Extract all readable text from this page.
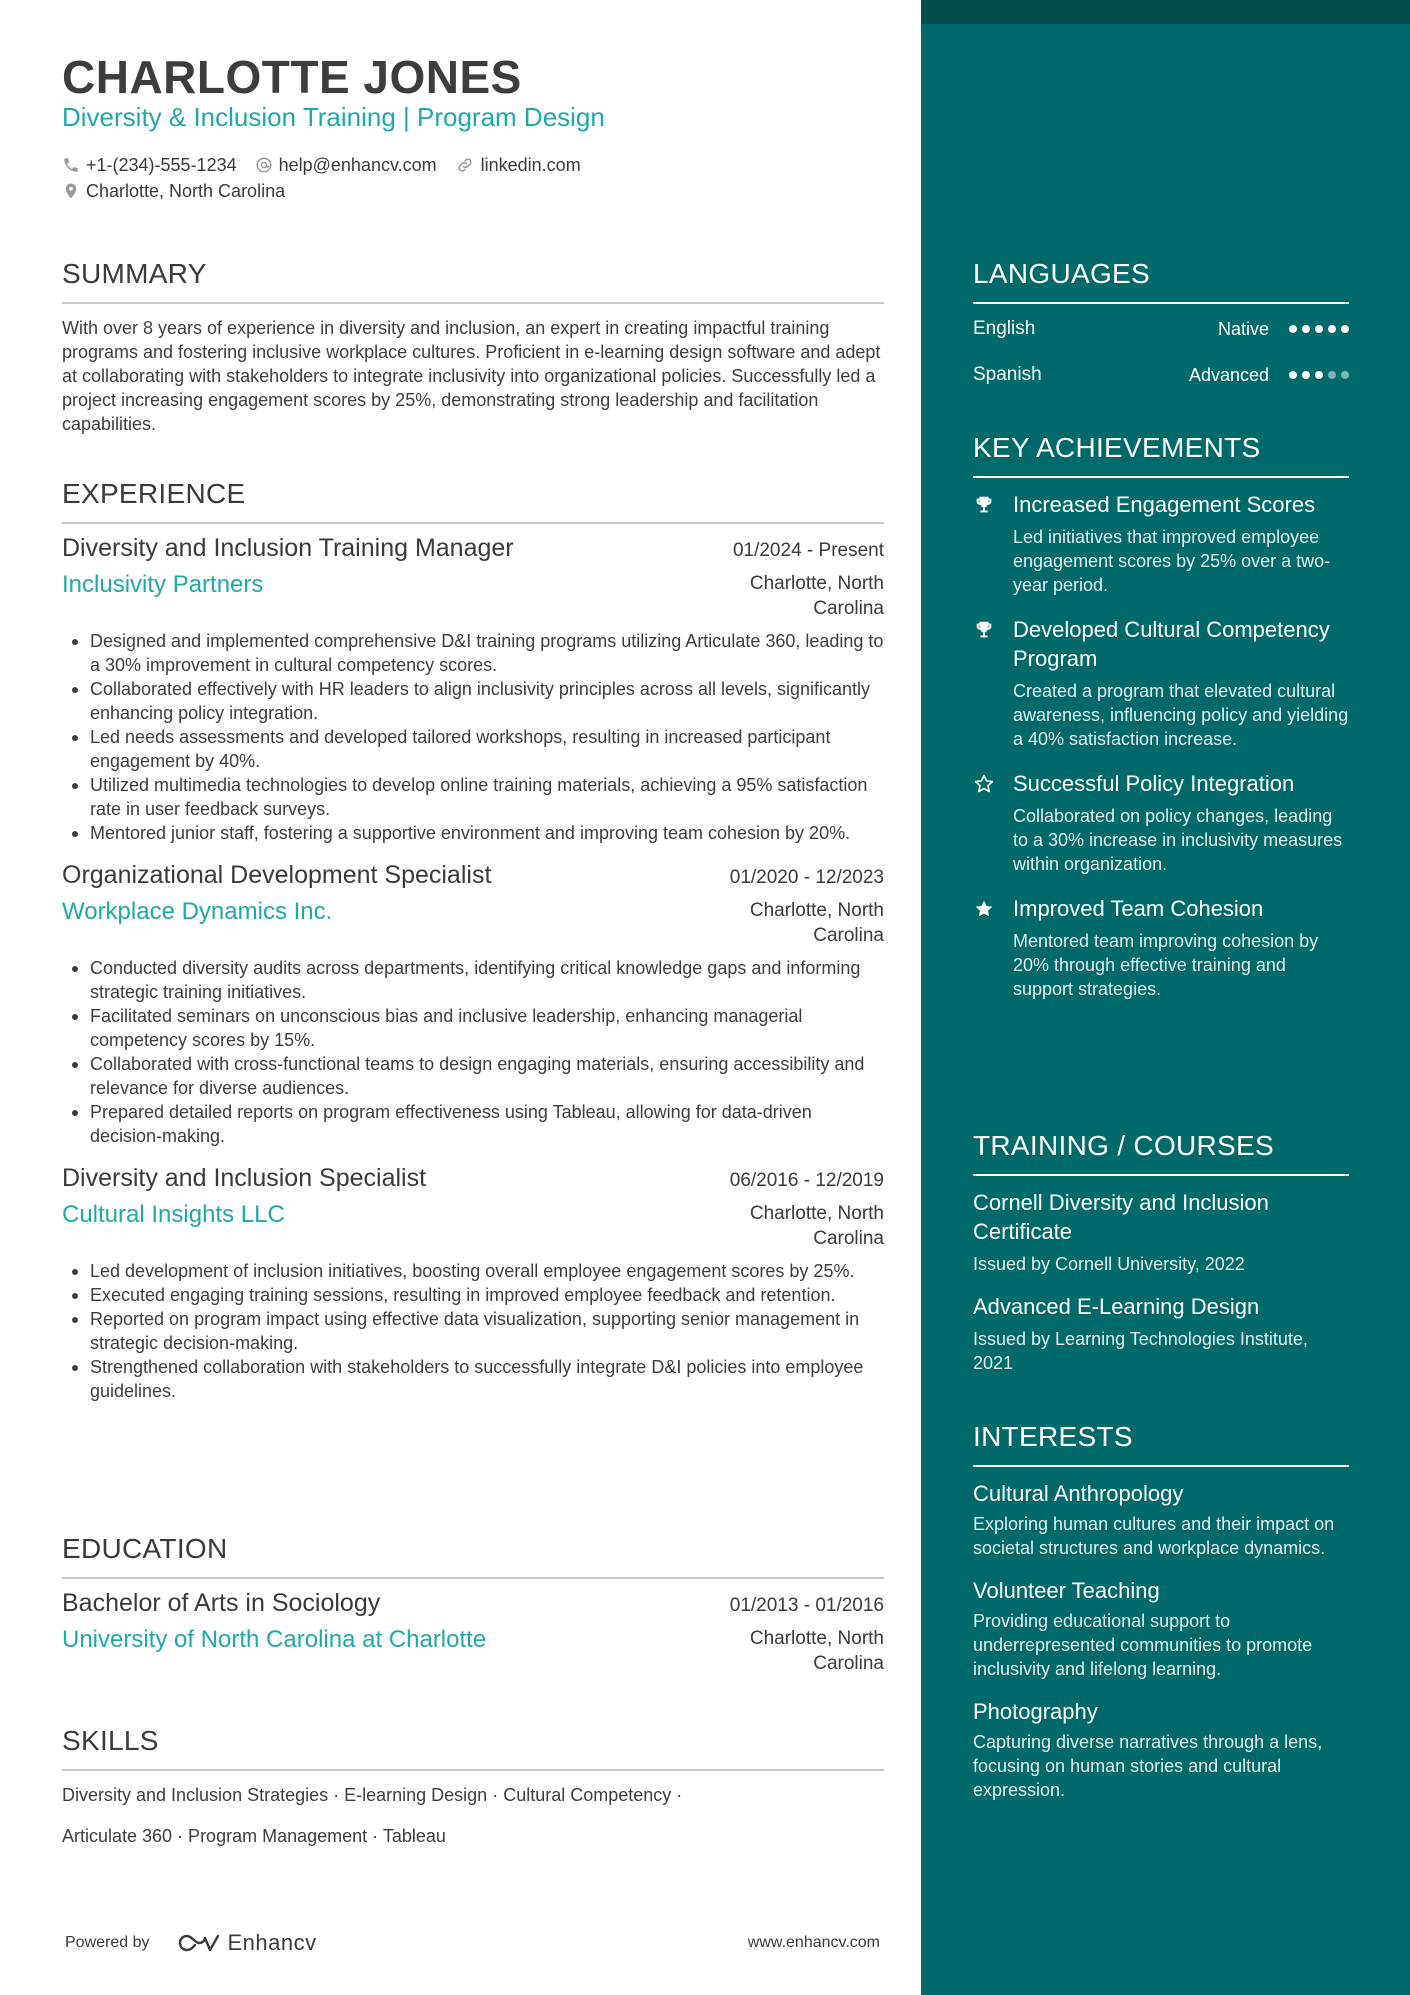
CHARLOTTE JONES
Diversity & Inclusion Training | Program Design
+1-(234)-555-1234 help@enhancv.com linkedin.com
Charlotte, North Carolina
SUMMARY

With over 8 years of experience in diversity and inclusion, an expert in creating impactful training programs and fostering inclusive workplace cultures. Proficient in e-learning design software and adept at collaborating with stakeholders to integrate inclusivity into organizational policies. Successfully led a project increasing engagement scores by 25%, demonstrating strong leadership and facilitation capabilities.

EXPERIENCE
Diversity and Inclusion Training Manager	01/2024 - Present
Inclusivity Partners	Charlotte, North Carolina
Designed and implemented comprehensive D&I training programs utilizing Articulate 360, leading to a 30% improvement in cultural competency scores.
Collaborated effectively with HR leaders to align inclusivity principles across all levels, significantly enhancing policy integration.
Led needs assessments and developed tailored workshops, resulting in increased participant engagement by 40%.
Utilized multimedia technologies to develop online training materials, achieving a 95% satisfaction rate in user feedback surveys.
Mentored junior staff, fostering a supportive environment and improving team cohesion by 20%.
Organizational Development Specialist	01/2020 - 12/2023
Workplace Dynamics Inc.	Charlotte, North Carolina
Conducted diversity audits across departments, identifying critical knowledge gaps and informing strategic training initiatives.
Facilitated seminars on unconscious bias and inclusive leadership, enhancing managerial competency scores by 15%.
Collaborated with cross-functional teams to design engaging materials, ensuring accessibility and relevance for diverse audiences.
Prepared detailed reports on program effectiveness using Tableau, allowing for data-driven decision-making.
Diversity and Inclusion Specialist	06/2016 - 12/2019
Cultural Insights LLC	Charlotte, North Carolina
Led development of inclusion initiatives, boosting overall employee engagement scores by 25%.
Executed engaging training sessions, resulting in improved employee feedback and retention.
Reported on program impact using effective data visualization, supporting senior management in strategic decision-making.
Strengthened collaboration with stakeholders to successfully integrate D&I policies into employee guidelines.
EDUCATION
Bachelor of Arts in Sociology	01/2013 - 01/2016
University of North Carolina at Charlotte	Charlotte, North Carolina
SKILLS
Diversity and Inclusion Strategies · E-learning Design · Cultural Competency ·
Articulate 360 · Program Management · Tableau
Powered by	Enhancv	www.enhancv.com
LANGUAGES
English	Native
Spanish	Advanced
KEY ACHIEVEMENTS
Increased Engagement Scores
Led initiatives that improved employee engagement scores by 25% over a two-year period.
Developed Cultural Competency Program
Created a program that elevated cultural awareness, influencing policy and yielding a 40% satisfaction increase.
Successful Policy Integration
Collaborated on policy changes, leading to a 30% increase in inclusivity measures within organization.
Improved Team Cohesion
Mentored team improving cohesion by 20% through effective training and support strategies.
TRAINING / COURSES
Cornell Diversity and Inclusion Certificate
Issued by Cornell University, 2022
Advanced E-Learning Design
Issued by Learning Technologies Institute, 2021
INTERESTS
Cultural Anthropology
Exploring human cultures and their impact on societal structures and workplace dynamics.
Volunteer Teaching
Providing educational support to underrepresented communities to promote inclusivity and lifelong learning.
Photography
Capturing diverse narratives through a lens, focusing on human stories and cultural expression.
